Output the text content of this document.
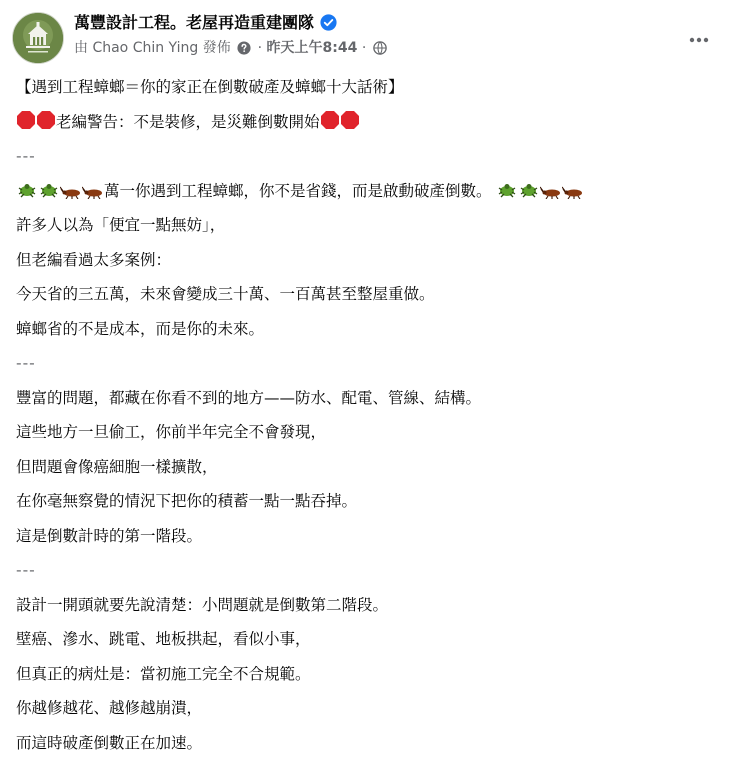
萬豐設計工程。老屋再造重建團隊
由 Chao Chin Ying 發佈 · 昨天上午8:44 ·
【遇到工程蟑螂＝你的家正在倒數破產及蟑螂十大話術】
老編警告：不是裝修，是災難倒數開始
---
萬一你遇到工程蟑螂，你不是省錢，而是啟動破產倒數。
許多人以為「便宜一點無妨」，
但老編看過太多案例：
今天省的三五萬，未來會變成三十萬、一百萬甚至整屋重做。
蟑螂省的不是成本，而是你的未來。
---
豐富的問題，都藏在你看不到的地方——防水、配電、管線、結構。
這些地方一旦偷工，你前半年完全不會發現，
但問題會像癌細胞一樣擴散，
在你毫無察覺的情況下把你的積蓄一點一點吞掉。
這是倒數計時的第一階段。
---
設計一開頭就要先說清楚：小問題就是倒數第二階段。
壁癌、滲水、跳電、地板拱起，看似小事，
但真正的病灶是：當初施工完全不合規範。
你越修越花、越修越崩潰，
而這時破產倒數正在加速。
